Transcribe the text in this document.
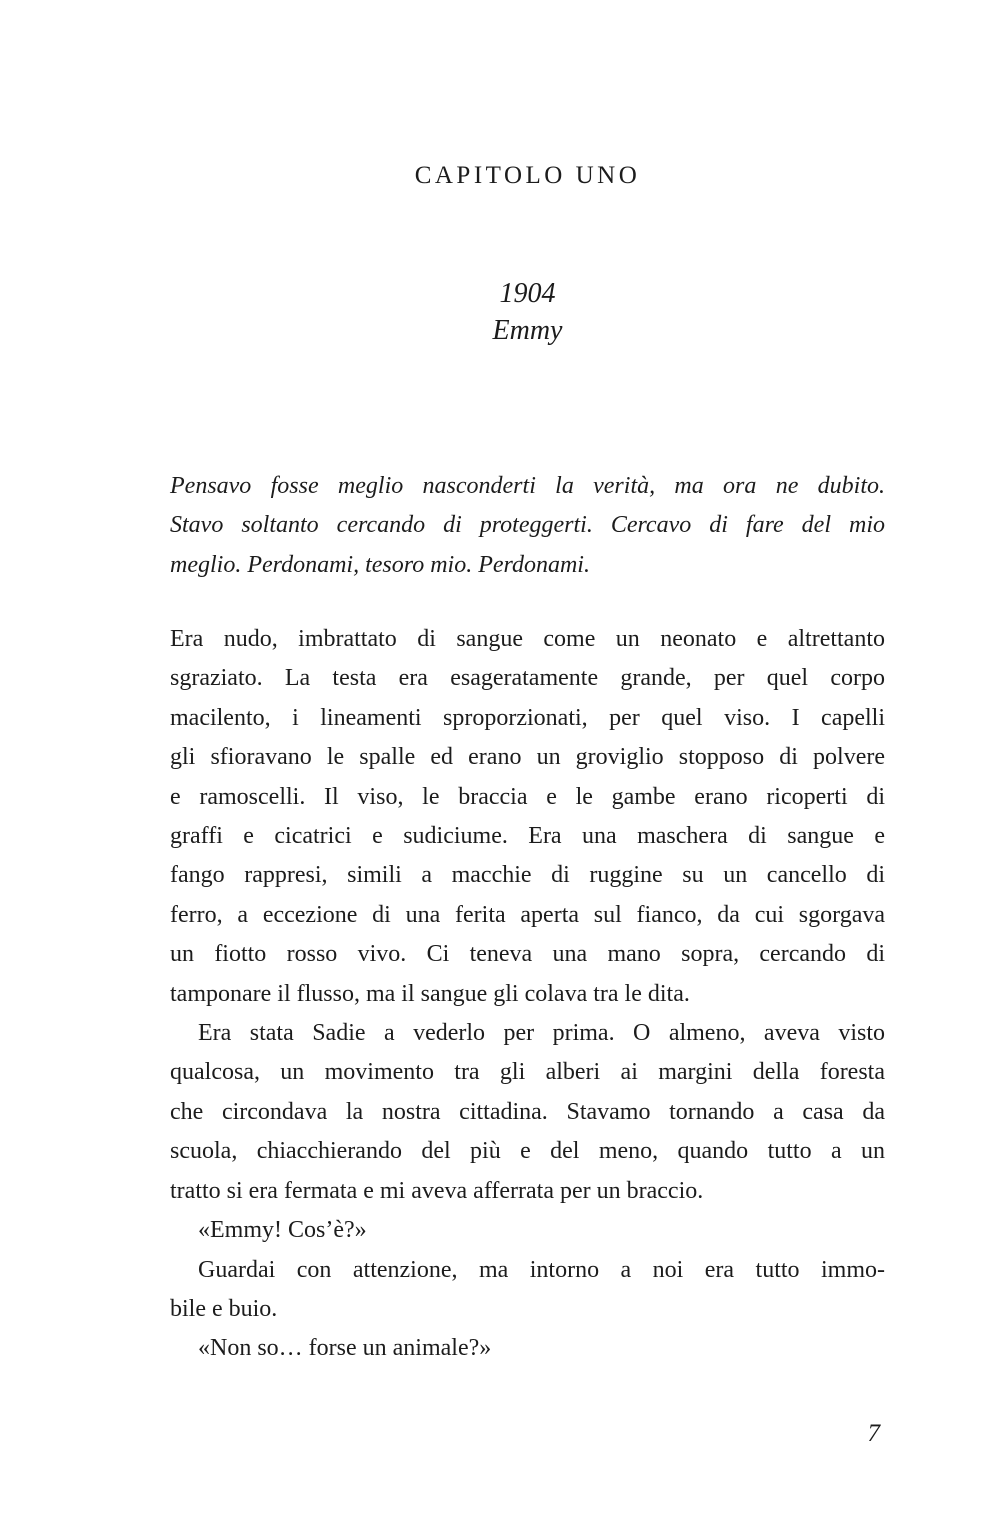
CAPITOLO UNO
1904
Emmy
Pensavo fosse meglio nasconderti la verità, ma ora ne dubito.
Stavo soltanto cercando di proteggerti. Cercavo di fare del mio
meglio. Perdonami, tesoro mio. Perdonami.
Era nudo, imbrattato di sangue come un neonato e altrettanto
sgraziato. La testa era esageratamente grande, per quel corpo
macilento, i lineamenti sproporzionati, per quel viso. I capelli
gli sfioravano le spalle ed erano un groviglio stopposo di polvere
e ramoscelli. Il viso, le braccia e le gambe erano ricoperti di
graffi e cicatrici e sudiciume. Era una maschera di sangue e
fango rappresi, simili a macchie di ruggine su un cancello di
ferro, a eccezione di una ferita aperta sul fianco, da cui sgorgava
un fiotto rosso vivo. Ci teneva una mano sopra, cercando di
tamponare il flusso, ma il sangue gli colava tra le dita.
Era stata Sadie a vederlo per prima. O almeno, aveva visto
qualcosa, un movimento tra gli alberi ai margini della foresta
che circondava la nostra cittadina. Stavamo tornando a casa da
scuola, chiacchierando del più e del meno, quando tutto a un
tratto si era fermata e mi aveva afferrata per un braccio.
«Emmy! Cos’è?»
Guardai con attenzione, ma intorno a noi era tutto immo-
bile e buio.
«Non so… forse un animale?»
7
